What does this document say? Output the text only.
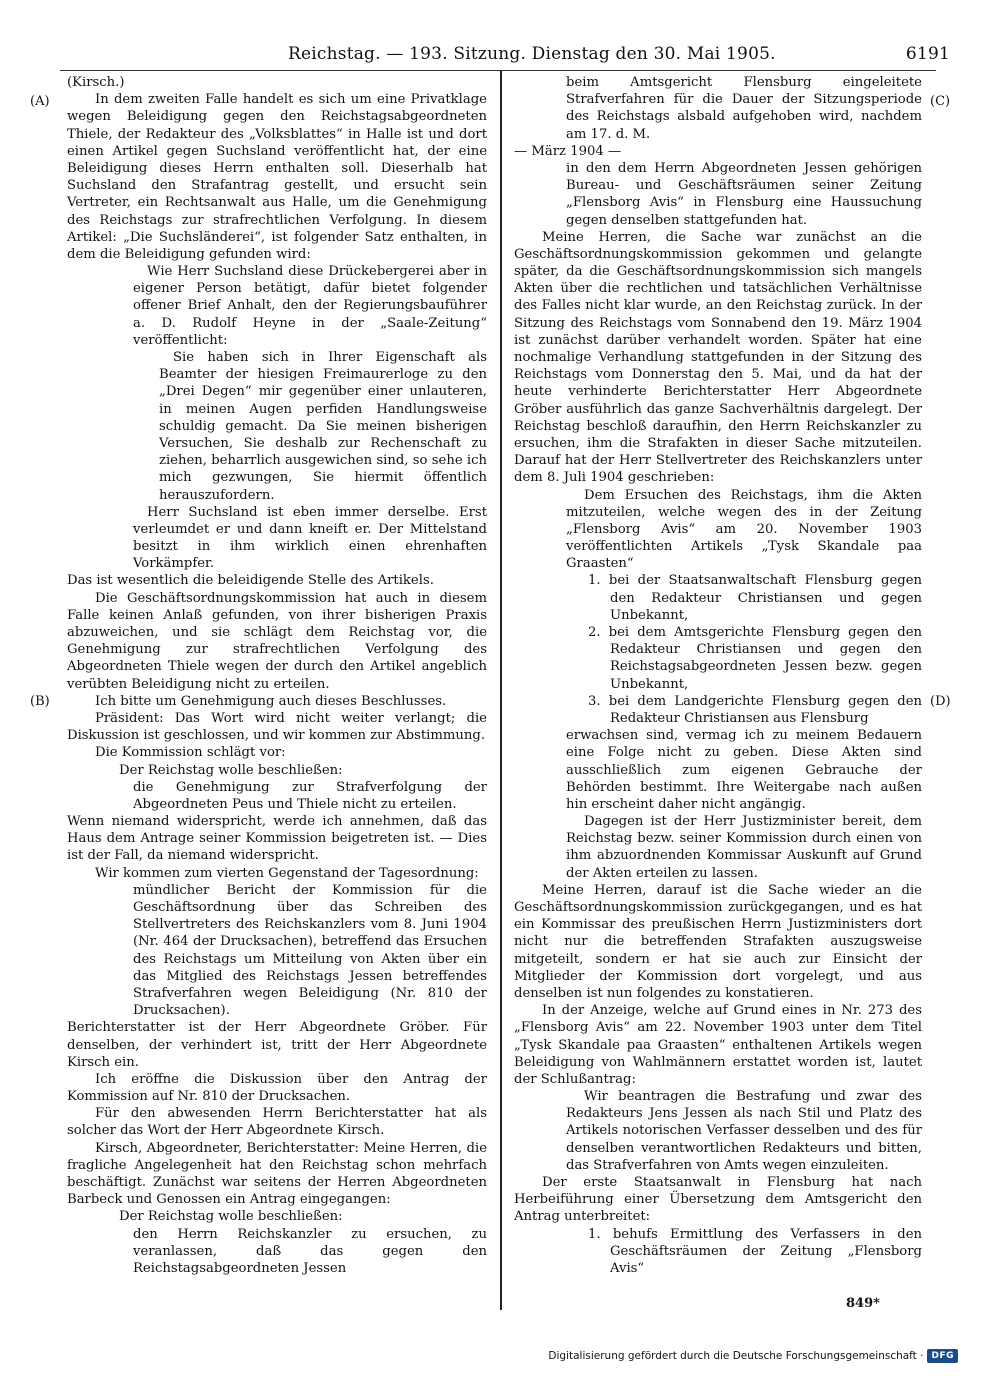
Reichstag. — 193. Sitzung. Dienstag den 30. Mai 1905.	6191
(A)
(B)
(C)
(D)

(Kirsch.)

In dem zweiten Falle handelt es sich um eine Privatklage wegen Beleidigung gegen den Reichstagsabgeordneten Thiele, der Redakteur des „Volksblattes“ in Halle ist und dort einen Artikel gegen Suchsland veröffentlicht hat, der eine Beleidigung dieses Herrn enthalten soll. Dieserhalb hat Suchsland den Strafantrag gestellt, und ersucht sein Vertreter, ein Rechtsanwalt aus Halle, um die Genehmigung des Reichstags zur strafrechtlichen Verfolgung. In diesem Artikel: „Die Suchsländerei“, ist folgender Satz enthalten, in dem die Beleidigung gefunden wird:

Wie Herr Suchsland diese Drückebergerei aber in eigener Person betätigt, dafür bietet folgender offener Brief Anhalt, den der Regierungsbauführer a. D. Rudolf Heyne in der „Saale-Zeitung“ veröffentlicht:

Sie haben sich in Ihrer Eigenschaft als Beamter der hiesigen Freimaurerloge zu den „Drei Degen“ mir gegenüber einer unlauteren, in meinen Augen perfiden Handlungsweise schuldig gemacht. Da Sie meinen bisherigen Versuchen, Sie deshalb zur Rechenschaft zu ziehen, beharrlich ausgewichen sind, so sehe ich mich gezwungen, Sie hiermit öffentlich herauszufordern.

Herr Suchsland ist eben immer derselbe. Erst verleumdet er und dann kneift er. Der Mittelstand besitzt in ihm wirklich einen ehrenhaften Vorkämpfer.

Das ist wesentlich die beleidigende Stelle des Artikels.

Die Geschäftsordnungskommission hat auch in diesem Falle keinen Anlaß gefunden, von ihrer bisherigen Praxis abzuweichen, und sie schlägt dem Reichstag vor, die Genehmigung zur strafrechtlichen Verfolgung des Abgeordneten Thiele wegen der durch den Artikel angeblich verübten Beleidigung nicht zu erteilen.

Ich bitte um Genehmigung auch dieses Beschlusses.

Präsident: Das Wort wird nicht weiter verlangt; die Diskussion ist geschlossen, und wir kommen zur Abstimmung.

Die Kommission schlägt vor:

Der Reichstag wolle beschließen:

die Genehmigung zur Strafverfolgung der Abgeordneten Peus und Thiele nicht zu erteilen.

Wenn niemand widerspricht, werde ich annehmen, daß das Haus dem Antrage seiner Kommission beigetreten ist. — Dies ist der Fall, da niemand widerspricht.

Wir kommen zum vierten Gegenstand der Tagesordnung:

mündlicher Bericht der Kommission für die Geschäftsordnung über das Schreiben des Stellvertreters des Reichskanzlers vom 8. Juni 1904 (Nr. 464 der Drucksachen), betreffend das Ersuchen des Reichstags um Mitteilung von Akten über ein das Mitglied des Reichstags Jessen betreffendes Strafverfahren wegen Beleidigung (Nr. 810 der Drucksachen).

Berichterstatter ist der Herr Abgeordnete Gröber. Für denselben, der verhindert ist, tritt der Herr Abgeordnete Kirsch ein.

Ich eröffne die Diskussion über den Antrag der Kommission auf Nr. 810 der Drucksachen.

Für den abwesenden Herrn Berichterstatter hat als solcher das Wort der Herr Abgeordnete Kirsch.

Kirsch, Abgeordneter, Berichterstatter: Meine Herren, die fragliche Angelegenheit hat den Reichstag schon mehrfach beschäftigt. Zunächst war seitens der Herren Abgeordneten Barbeck und Genossen ein Antrag eingegangen:

Der Reichstag wolle beschließen:

den Herrn Reichskanzler zu ersuchen, zu veranlassen, daß das gegen den Reichstagsabgeordneten Jessen

beim Amtsgericht Flensburg eingeleitete Strafverfahren für die Dauer der Sitzungsperiode des Reichstags alsbald aufgehoben wird, nachdem am 17. d. M.

— März 1904 —

in den dem Herrn Abgeordneten Jessen gehörigen Bureau- und Geschäftsräumen seiner Zeitung „Flensborg Avis“ in Flensburg eine Haussuchung gegen denselben stattgefunden hat.

Meine Herren, die Sache war zunächst an die Geschäftsordnungskommission gekommen und gelangte später, da die Geschäftsordnungskommission sich mangels Akten über die rechtlichen und tatsächlichen Verhältnisse des Falles nicht klar wurde, an den Reichstag zurück. In der Sitzung des Reichstags vom Sonnabend den 19. März 1904 ist zunächst darüber verhandelt worden. Später hat eine nochmalige Verhandlung stattgefunden in der Sitzung des Reichstags vom Donnerstag den 5. Mai, und da hat der heute verhinderte Berichterstatter Herr Abgeordnete Gröber ausführlich das ganze Sachverhältnis dargelegt. Der Reichstag beschloß daraufhin, den Herrn Reichskanzler zu ersuchen, ihm die Strafakten in dieser Sache mitzuteilen. Darauf hat der Herr Stellvertreter des Reichskanzlers unter dem 8. Juli 1904 geschrieben:

Dem Ersuchen des Reichstags, ihm die Akten mitzuteilen, welche wegen des in der Zeitung „Flensborg Avis“ am 20. November 1903 veröffentlichten Artikels „Tysk Skandale paa Graasten“

1. bei der Staatsanwaltschaft Flensburg gegen den Redakteur Christiansen und gegen Unbekannt,

2. bei dem Amtsgerichte Flensburg gegen den Redakteur Christiansen und gegen den Reichstagsabgeordneten Jessen bezw. gegen Unbekannt,

3. bei dem Landgerichte Flensburg gegen den Redakteur Christiansen aus Flensburg

erwachsen sind, vermag ich zu meinem Bedauern eine Folge nicht zu geben. Diese Akten sind ausschließlich zum eigenen Gebrauche der Behörden bestimmt. Ihre Weitergabe nach außen hin erscheint daher nicht angängig.

Dagegen ist der Herr Justizminister bereit, dem Reichstag bezw. seiner Kommission durch einen von ihm abzuordnenden Kommissar Auskunft auf Grund der Akten erteilen zu lassen.

Meine Herren, darauf ist die Sache wieder an die Geschäftsordnungskommission zurückgegangen, und es hat ein Kommissar des preußischen Herrn Justizministers dort nicht nur die betreffenden Strafakten auszugsweise mitgeteilt, sondern er hat sie auch zur Einsicht der Mitglieder der Kommission dort vorgelegt, und aus denselben ist nun folgendes zu konstatieren.

In der Anzeige, welche auf Grund eines in Nr. 273 des „Flensborg Avis“ am 22. November 1903 unter dem Titel „Tysk Skandale paa Graasten“ enthaltenen Artikels wegen Beleidigung von Wahlmännern erstattet worden ist, lautet der Schlußantrag:

Wir beantragen die Bestrafung und zwar des Redakteurs Jens Jessen als nach Stil und Platz des Artikels notorischen Verfasser desselben und des für denselben verantwortlichen Redakteurs und bitten, das Strafverfahren von Amts wegen einzuleiten.

Der erste Staatsanwalt in Flensburg hat nach Herbeiführung einer Übersetzung dem Amtsgericht den Antrag unterbreitet:

1. behufs Ermittlung des Verfassers in den Geschäftsräumen der Zeitung „Flensborg Avis“

849*
Digitalisierung gefördert durch die Deutsche Forschungsgemeinschaft · DFG
